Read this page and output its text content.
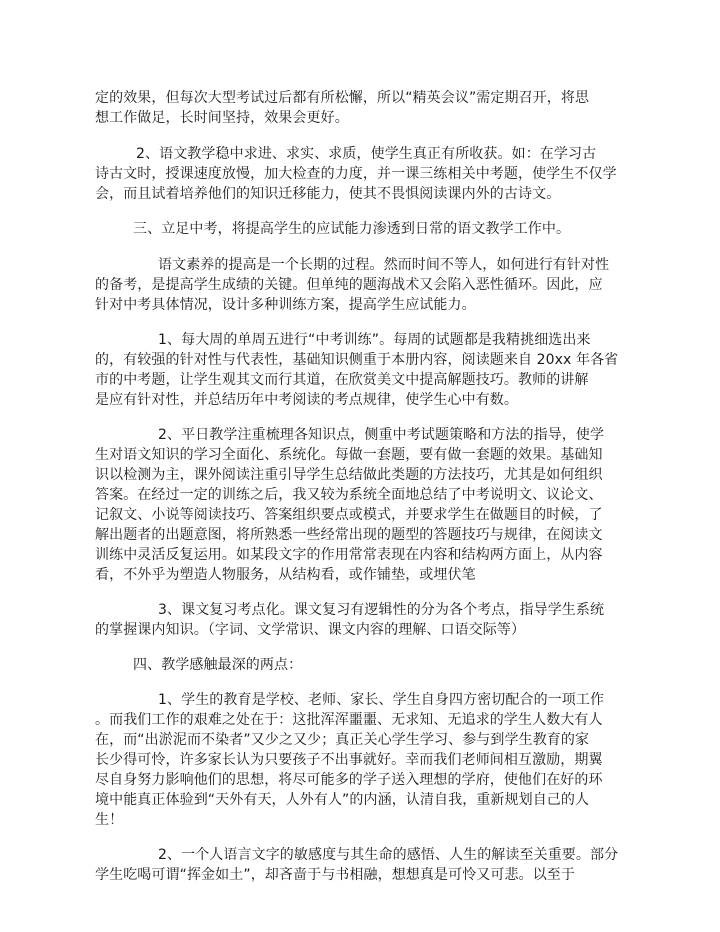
定的效果，但每次大型考试过后都有所松懈，所以“精英会议”需定期召开，将思
想工作做足，长时间坚持，效果会更好。
2、语文教学稳中求进、求实、求质，使学生真正有所收获。如：在学习古
诗古文时，授课速度放慢，加大检查的力度，并一课三练相关中考题，使学生不仅学
会，而且试着培养他们的知识迁移能力，使其不畏惧阅读课内外的古诗文。
三、立足中考，将提高学生的应试能力渗透到日常的语文教学工作中。
语文素养的提高是一个长期的过程。然而时间不等人，如何进行有针对性
的备考，是提高学生成绩的关键。但单纯的题海战术又会陷入恶性循环。因此，应
针对中考具体情况，设计多种训练方案，提高学生应试能力。
1、每大周的单周五进行“中考训练”。每周的试题都是我精挑细选出来
的，有较强的针对性与代表性，基础知识侧重于本册内容，阅读题来自 20xx 年各省
市的中考题，让学生观其文而行其道，在欣赏美文中提高解题技巧。教师的讲解
是应有针对性，并总结历年中考阅读的考点规律，使学生心中有数。
2、平日教学注重梳理各知识点，侧重中考试题策略和方法的指导，使学
生对语文知识的学习全面化、系统化。每做一套题，要有做一套题的效果。基础知
识以检测为主，课外阅读注重引导学生总结做此类题的方法技巧，尤其是如何组织
答案。在经过一定的训练之后，我又较为系统全面地总结了中考说明文、议论文、
记叙文、小说等阅读技巧、答案组织要点或模式，并要求学生在做题目的时候，了
解出题者的出题意图，将所熟悉一些经常出现的题型的答题技巧与规律，在阅读文
训练中灵活反复运用。如某段文字的作用常常表现在内容和结构两方面上，从内容
看，不外乎为塑造人物服务，从结构看，或作铺垫，或埋伏笔
3、课文复习考点化。课文复习有逻辑性的分为各个考点，指导学生系统
的掌握课内知识。（字词、文学常识、课文内容的理解、口语交际等）
四、教学感触最深的两点：
1、学生的教育是学校、老师、家长、学生自身四方密切配合的一项工作
。而我们工作的艰难之处在于：这批浑浑噩噩、无求知、无追求的学生人数大有人
在，而“出淤泥而不染者”又少之又少；真正关心学生学习、参与到学生教育的家
长少得可怜，许多家长认为只要孩子不出事就好。幸而我们老师间相互激励，期翼
尽自身努力影响他们的思想，将尽可能多的学子送入理想的学府，使他们在好的环
境中能真正体验到“天外有天，人外有人”的内涵，认清自我，重新规划自己的人
生！
2、一个人语言文字的敏感度与其生命的感悟、人生的解读至关重要。部分
学生吃喝可谓“挥金如土”，却吝啬于与书相融，想想真是可怜又可悲。以至于
